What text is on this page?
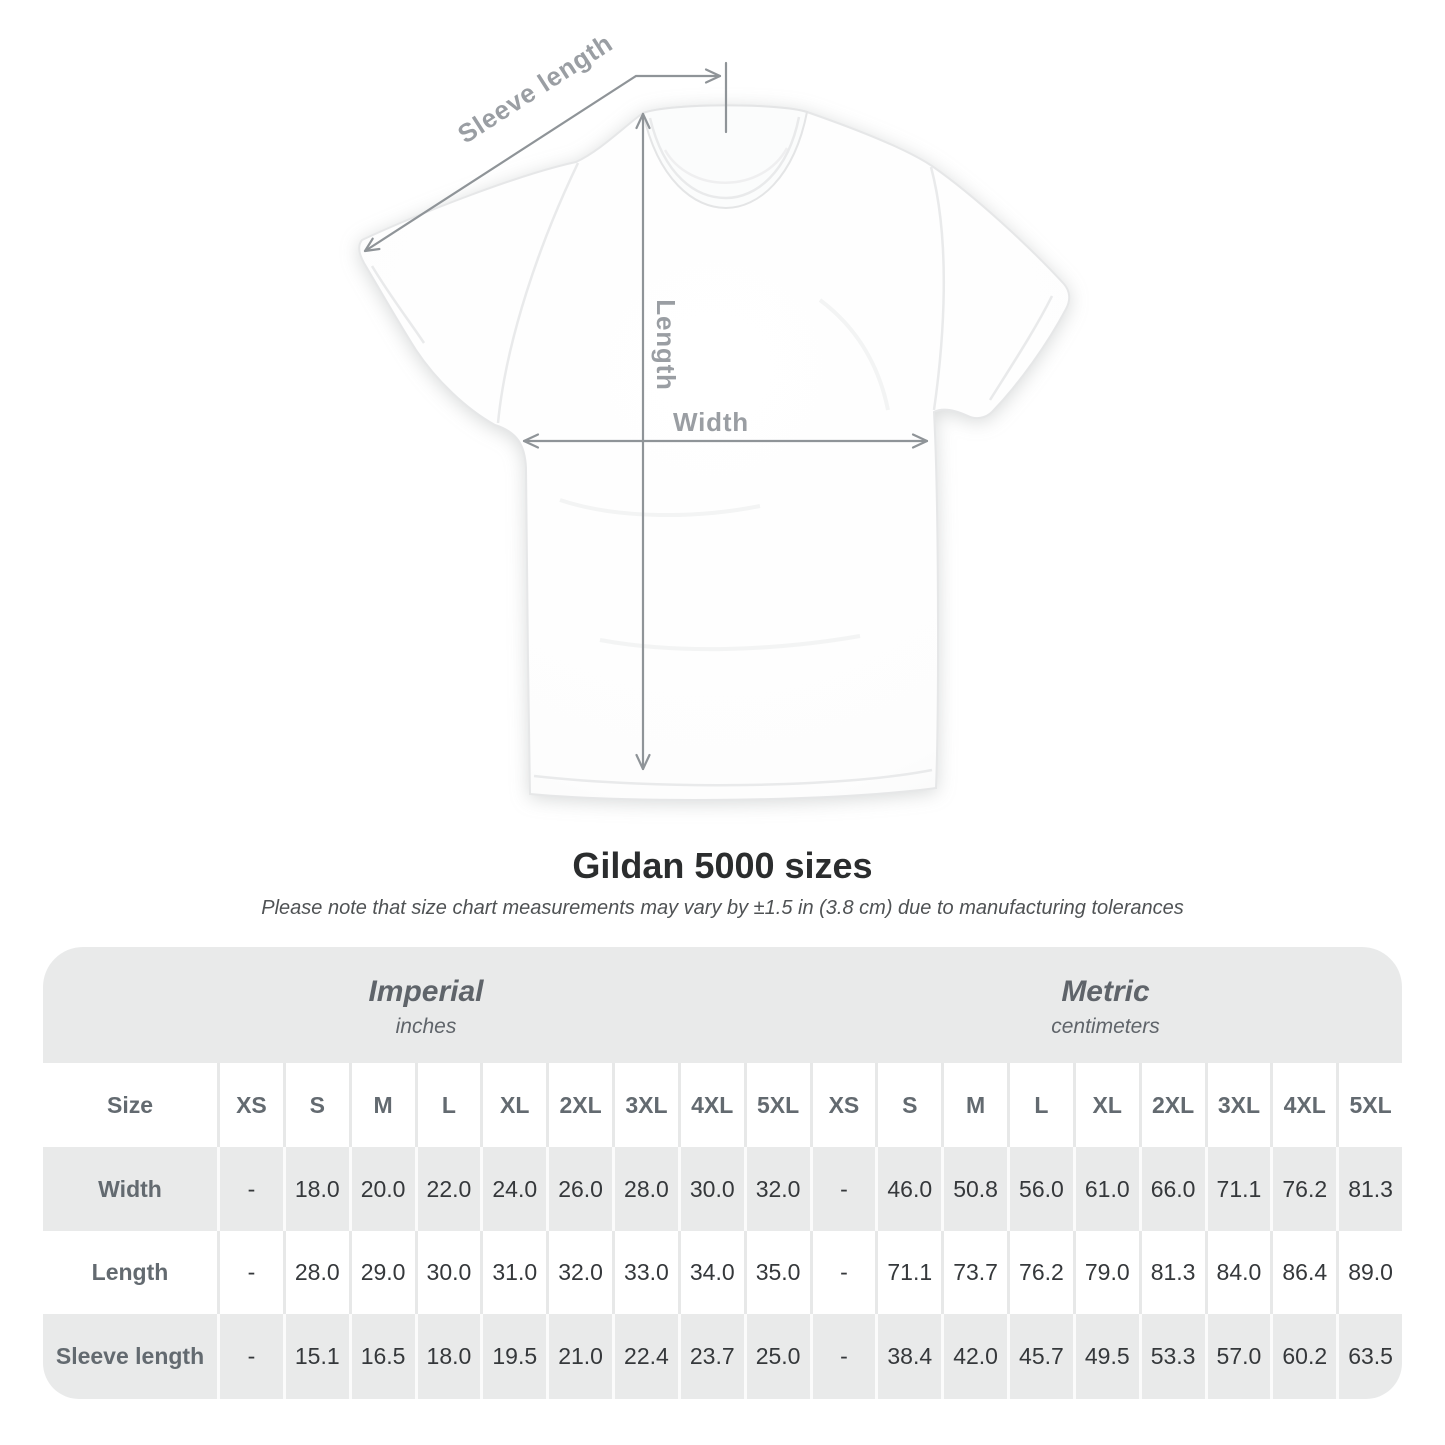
Sleeve length
Length
Width
Gildan 5000 sizes

Please note that size chart measurements may vary by ±1.5 in (3.8 cm) due to manufacturing tolerances

Imperial
inches
Metric
centimeters
Size	XS	S	M	L	XL	2XL	3XL	4XL	5XL	XS	S	M	L	XL	2XL	3XL	4XL	5XL
Width	-	18.0 20.0 22.0 24.0 26.0 28.0 30.0 32.0	-	46.0 50.8 56.0 61.0 66.0 71.1 76.2 81.3
Length	-	28.0 29.0 30.0 31.0 32.0 33.0 34.0 35.0	-	71.1 73.7 76.2 79.0 81.3 84.0 86.4 89.0
Sleeve length	-	15.1 16.5 18.0 19.5 21.0 22.4 23.7 25.0	-	38.4 42.0 45.7 49.5 53.3 57.0 60.2 63.5
